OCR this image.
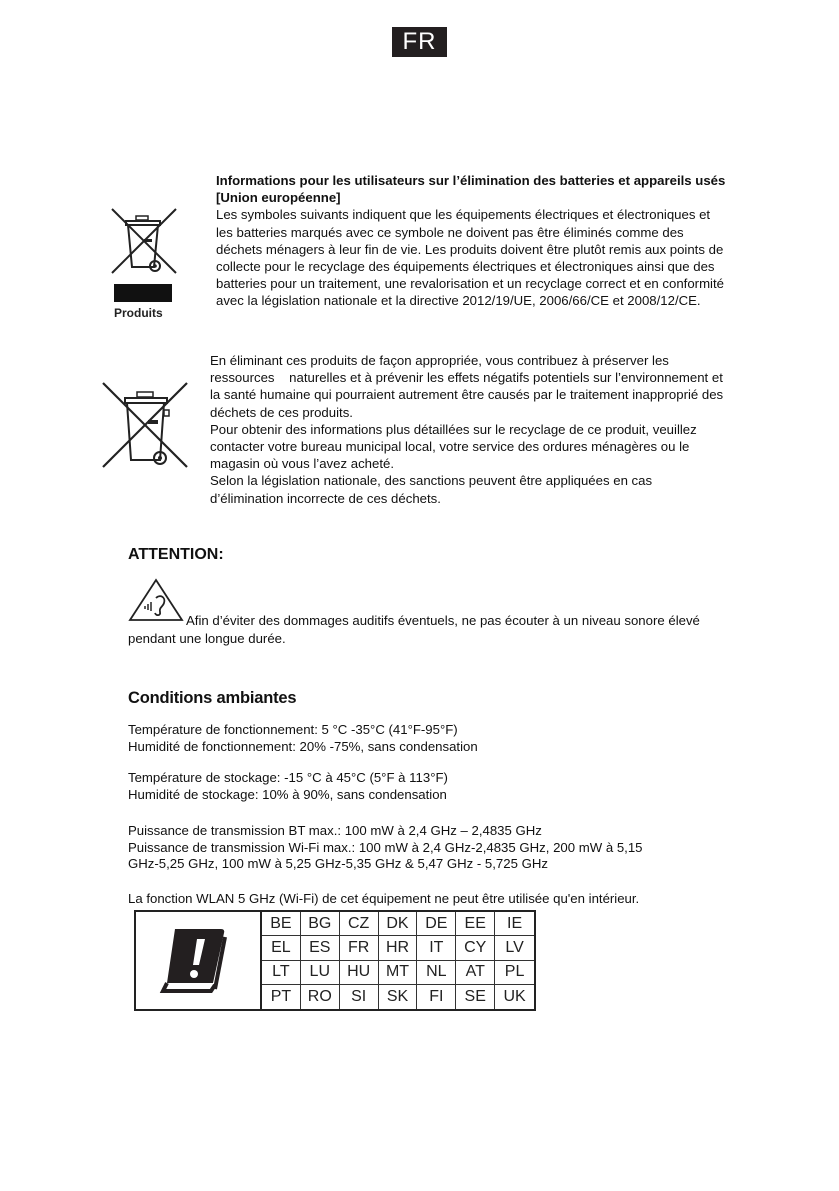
FR
Produits
Informations pour les utilisateurs sur l’élimination des batteries et appareils usés
[Union européenne]

Les symboles suivants indiquent que les équipements électriques et électroniques et

les batteries marqués avec ce symbole ne doivent pas être éliminés comme des

déchets ménagers à leur fin de vie. Les produits doivent être plutôt remis aux points de

collecte pour le recyclage des équipements électriques et électroniques ainsi que des

batteries pour un traitement, une revalorisation et un recyclage correct et en conformité

avec la législation nationale et la directive 2012/19/UE, 2006/66/CE et 2008/12/CE.

En éliminant ces produits de façon appropriée, vous contribuez à préserver les

ressources    naturelles et à prévenir les effets négatifs potentiels sur l’environnement et

la santé humaine qui pourraient autrement être causés par le traitement inapproprié des

déchets de ces produits.

Pour obtenir des informations plus détaillées sur le recyclage de ce produit, veuillez

contacter votre bureau municipal local, votre service des ordures ménagères ou le

magasin où vous l’avez acheté.

Selon la législation nationale, des sanctions peuvent être appliquées en cas

d’élimination incorrecte de ces déchets.

ATTENTION:
Afin d’éviter des dommages auditifs éventuels, ne pas écouter à un niveau sonore élevé
pendant une longue durée.
Conditions ambiantes
Température de fonctionnement: 5 °C -35°C (41°F-95°F)
Humidité de fonctionnement: 20% -75%, sans condensation
Température de stockage: -15 °C à 45°C (5°F à 113°F)
Humidité de stockage: 10% à 90%, sans condensation
Puissance de transmission BT max.: 100 mW à 2,4 GHz – 2,4835 GHz
Puissance de transmission Wi-Fi max.: 100 mW à 2,4 GHz-2,4835 GHz, 200 mW à 5,15
GHz-5,25 GHz, 100 mW à 5,25 GHz-5,35 GHz & 5,47 GHz - 5,725 GHz
La fonction WLAN 5 GHz (Wi-Fi) de cet équipement ne peut être utilisée qu'en intérieur.
BE	BG	CZ	DK	DE	EE	IE
EL	ES	FR	HR	IT	CY	LV
LT	LU	HU MT	NL	AT	PL
PT	RO	SI	SK	FI	SE	UK
